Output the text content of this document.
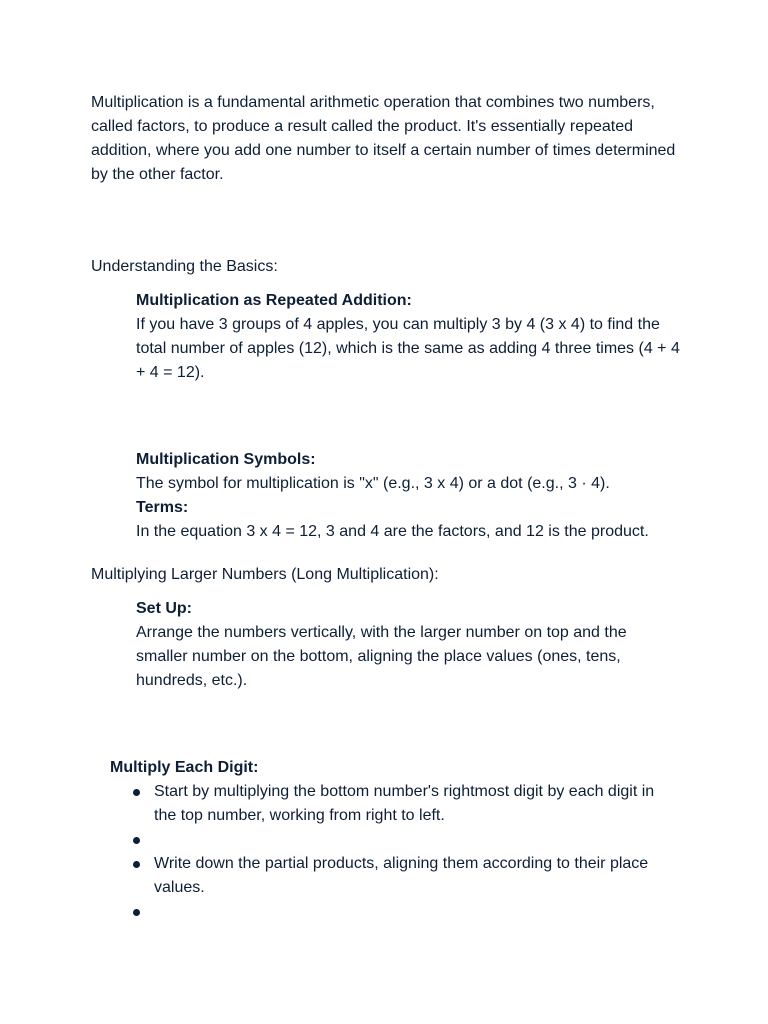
Multiplication is a fundamental arithmetic operation that combines two numbers, called factors, to produce a result called the product. It's essentially repeated addition, where you add one number to itself a certain number of times determined by the other factor.

Understanding the Basics:
Multiplication as Repeated Addition:
If you have 3 groups of 4 apples, you can multiply 3 by 4 (3 x 4) to find the total number of apples (12), which is the same as adding 4 three times (4 + 4 + 4 = 12).
Multiplication Symbols:
The symbol for multiplication is "x" (e.g., 3 x 4) or a dot (e.g., 3 · 4).
Terms:
In the equation 3 x 4 = 12, 3 and 4 are the factors, and 12 is the product.
Multiplying Larger Numbers (Long Multiplication):
Set Up:
Arrange the numbers vertically, with the larger number on top and the smaller number on the bottom, aligning the place values (ones, tens, hundreds, etc.).
Multiply Each Digit:
Start by multiplying the bottom number's rightmost digit by each digit in the top number, working from right to left.
Write down the partial products, aligning them according to their place values.
